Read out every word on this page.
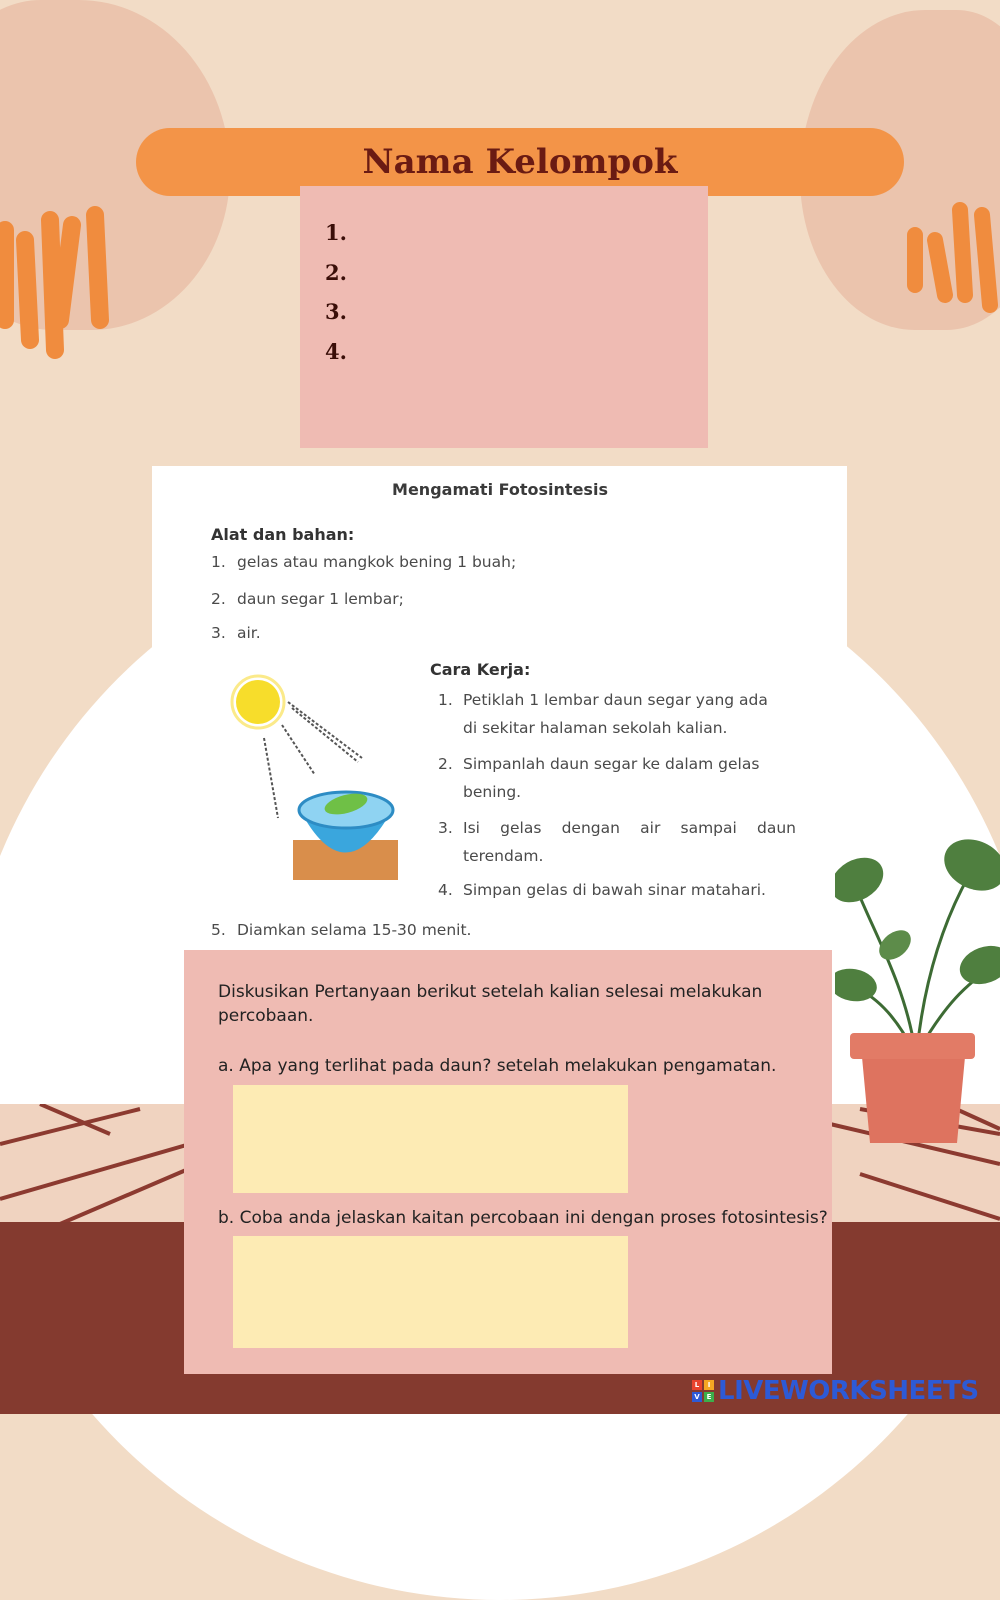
Nama Kelompok
1.
2.
3.
4.
Mengamati Fotosintesis
Alat dan bahan:
1. gelas atau mangkok bening 1 buah;
2. daun segar 1 lembar;
3. air.
Cara Kerja:
1. Petiklah 1 lembar daun segar yang ada
di sekitar halaman sekolah kalian.
2. Simpanlah daun segar ke dalam gelas
bening.
3. Isi gelas dengan air sampai daun
terendam.
4. Simpan gelas di bawah sinar matahari.
5. Diamkan selama 15-30 menit.
Diskusikan Pertanyaan berikut setelah kalian selesai melakukan percobaan.
a. Apa yang terlihat pada daun? setelah melakukan pengamatan.
b. Coba anda jelaskan kaitan percobaan ini dengan proses fotosintesis?
L	I
V E LIVEWORKSHEETS
